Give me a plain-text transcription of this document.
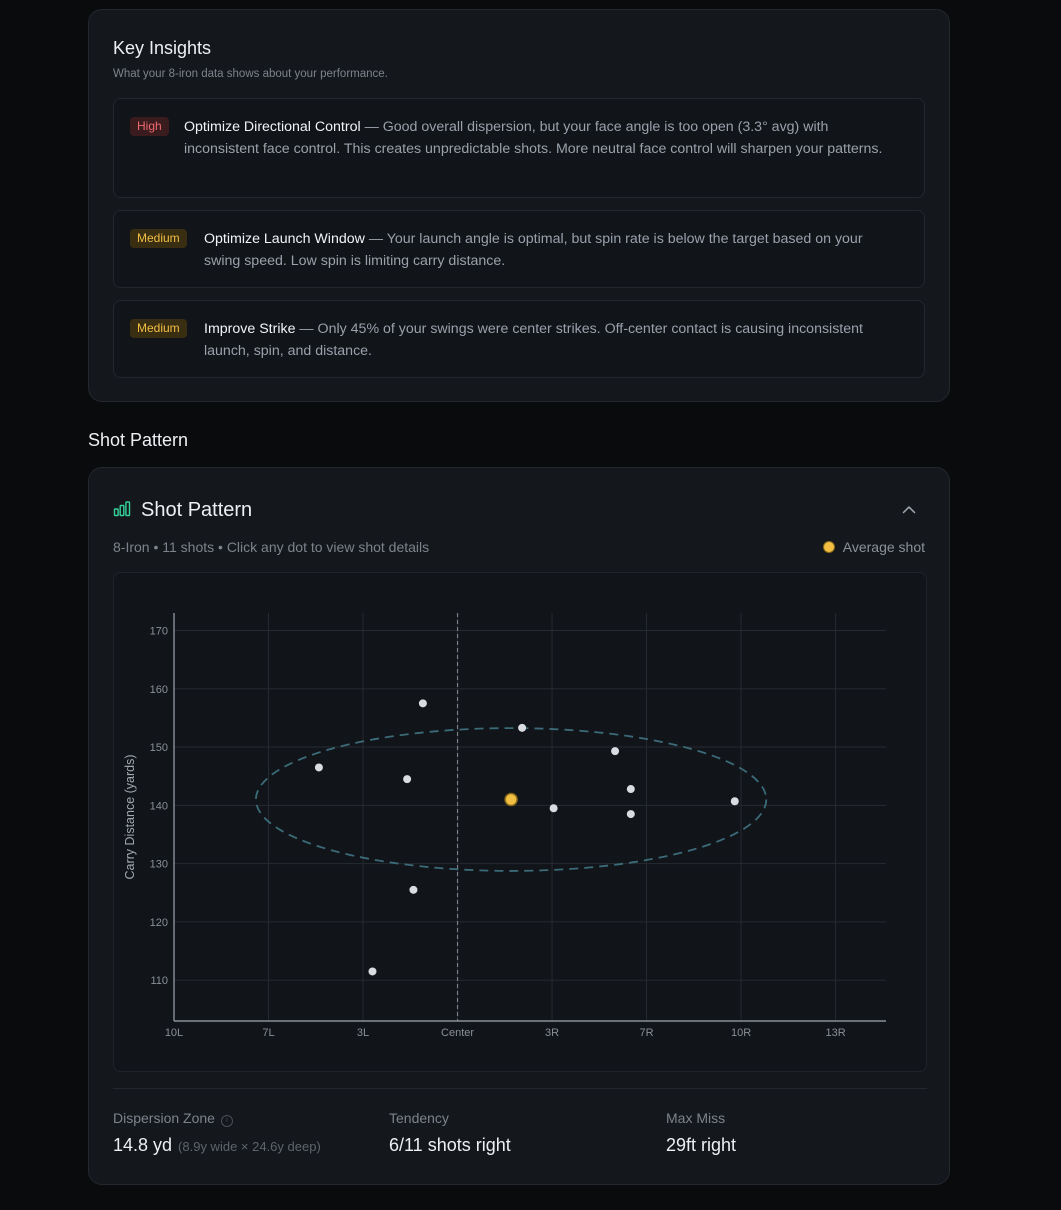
Key Insights
What your 8-iron data shows about your performance.
High	Optimize Directional Control — Good overall dispersion, but your face angle is too open (3.3° avg) with inconsistent face control. This creates unpredictable shots. More neutral face control will sharpen your patterns.
Medium	Optimize Launch Window — Your launch angle is optimal, but spin rate is below the target based on your swing speed. Low spin is limiting carry distance.
Medium	Improve Strike — Only 45% of your swings were center strikes. Off-center contact is causing inconsistent launch, spin, and distance.
Shot Pattern
Shot Pattern
8-Iron • 11 shots • Click any dot to view shot details	Average shot
110
120
130
140
150
160
170
10L	7L	3L	Center	3R	7R	10R	13R
Carry Distance (yards)
Dispersion Zone i
14.8 yd (8.9y wide × 24.6y deep)
Tendency
6/11 shots right
Max Miss
29ft right
